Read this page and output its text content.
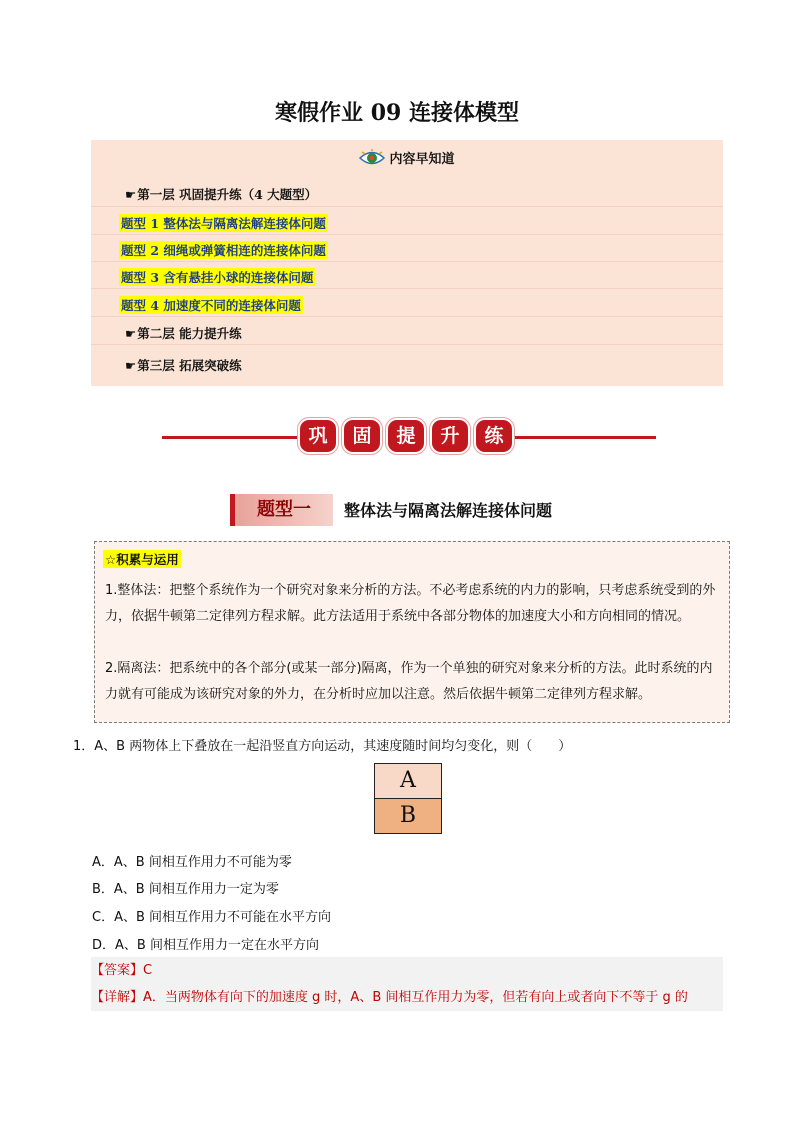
寒假作业 09 连接体模型
内容早知道
☛第一层 巩固提升练（4 大题型）
题型 1 整体法与隔离法解连接体问题
题型 2 细绳或弹簧相连的连接体问题
题型 3 含有悬挂小球的连接体问题
题型 4 加速度不同的连接体问题
☛第二层 能力提升练
☛第三层 拓展突破练
巩	固	提	升	练
题型一	整体法与隔离法解连接体问题
☆积累与运用
1.整体法：把整个系统作为一个研究对象来分析的方法。不必考虑系统的内力的影响，只考虑系统受到的外力，依据牛顿第二定律列方程求解。此方法适用于系统中各部分物体的加速度大小和方向相同的情况。
2.隔离法：把系统中的各个部分(或某一部分)隔离，作为一个单独的研究对象来分析的方法。此时系统的内力就有可能成为该研究对象的外力，在分析时应加以注意。然后依据牛顿第二定律列方程求解。
1．A、B 两物体上下叠放在一起沿竖直方向运动，其速度随时间均匀变化，则（　　）
A
B
A．A、B 间相互作用力不可能为零
B．A、B 间相互作用力一定为零
C．A、B 间相互作用力不可能在水平方向
D．A、B 间相互作用力一定在水平方向
【答案】C
【详解】A．当两物体有向下的加速度 g 时，A、B 间相互作用力为零，但若有向上或者向下不等于 g 的
